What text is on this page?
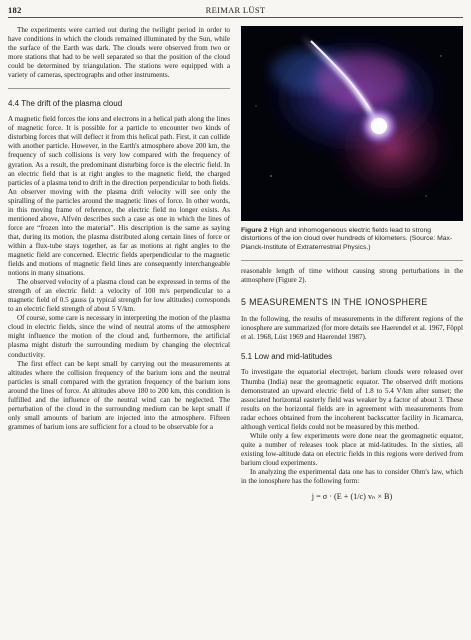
182	REIMAR LÜST

The experiments were carried out during the twilight period in order to have conditions in which the clouds remained illuminated by the Sun, while the surface of the Earth was dark. The clouds were observed from two or more stations that had to be well separated so that the position of the cloud could be determined by triangulation. The stations were equipped with a variety of cameras, spectrographs and other instruments.

4.4 The drift of the plasma cloud

A magnetic field forces the ions and electrons in a helical path along the lines of magnetic force. It is possible for a particle to encounter two kinds of disturbing forces that will deflect it from this helical path. First, it can collide with another particle. However, in the Earth's atmosphere above 200 km, the frequency of such collisions is very low compared with the frequency of gyration. As a result, the predominant disturbing force is the electric field. In an electric field that is at right angles to the magnetic field, the charged particles of a plasma tend to drift in the direction perpendicular to both fields. An observer moving with the plasma drift velocity will see only the spiralling of the particles around the magnetic lines of force. In other words, in this moving frame of reference, the electric field no longer exists. As mentioned above, Alfvén describes such a case as one in which the lines of force are “frozen into the material”. His description is the same as saying that, during its motion, the plasma distributed along certain lines of force or within a flux-tube stays together, as far as motions at right angles to the magnetic field are concerned. Electric fields aperpendicular to the magnetic fields and motions of magnetic field lines are consequently interchangeable notions in many situations.

The observed velocity of a plasma cloud can be expressed in terms of the strength of an electric field: a velocity of 100 m/s perpendicular to a magnetic field of 0.5 gauss (a typical strength for low altitudes) corresponds to an electric field strength of about 5 V/km.

Of course, some care is necessary in interpreting the motion of the plasma cloud in electric fields, since the wind of neutral atoms of the atmosphere might influence the motion of the cloud and, furthermore, the artificial plasma might disturb the surrounding medium by changing the electrical conductivity.

The first effect can be kept small by carrying out the measurements at altitudes where the collision frequency of the barium ions and the neutral particles is small compared with the gyration frequency of the barium ions around the lines of force. At altitudes above 180 to 200 km, this condition is fulfilled and the influence of the neutral wind can be neglected. The perturbation of the cloud in the surrounding medium can be kept small if only small amounts of barium are injected into the atmosphere. Fifteen grammes of barium ions are sufficient for a cloud to be observable for a

Figure 2 High and inhomogeneous electric fields lead to strong distortions of the ion cloud over hundreds of kilometers. (Source: Max-Planck-Institute of Extraterrestrial Physics.)

reasonable length of time without causing strong perturbations in the atmosphere (Figure 2).

5 MEASUREMENTS IN THE IONOSPHERE

In the following, the results of measurements in the different regions of the ionosphere are summarized (for more details see Haerendel et al. 1967, Föppl et al. 1968, Lüst 1969 and Haerendel 1987).

5.1 Low and mid-latitudes

To investigate the equatorial electrojet, barium clouds were released over Thumba (India) near the geomagnetic equator. The observed drift motions demonstrated an upward electric field of 1.8 to 5.4 V/km after sunset; the associated horizontal easterly field was weaker by a factor of about 3. These results on the horizontal fields are in agreement with measurements from radar echoes obtained from the incoherent backscatter facility in Jicamarca, although vertical fields could not be measured by this method.

While only a few experiments were done near the geomagnetic equator, quite a number of releases took place at mid-latitudes. In the sixties, all existing low-altitude data on electric fields in this regions were derived from barium cloud experiments.

In analyzing the experimental data one has to consider Ohm's law, which in the ionosphere has the following form:

j = σ · (E + (1/c) vₙ × B)
